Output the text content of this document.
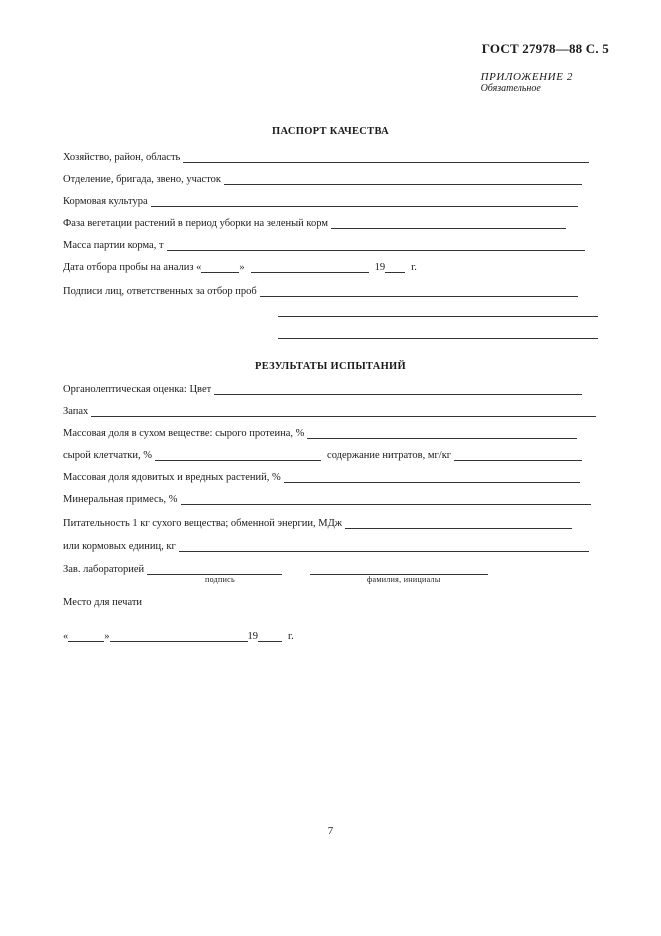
ГОСТ 27978—88 С. 5
ПРИЛОЖЕНИЕ 2
Обязательное
ПАСПОРТ КАЧЕСТВА
Хозяйство, район, область
Отделение, бригада, звено, участок
Кормовая культура
Фаза вегетации растений в период уборки на зеленый корм
Масса партии корма, т
Дата отбора пробы на анализ «	»	19	г.
Подписи лиц, ответственных за отбор проб
РЕЗУЛЬТАТЫ ИСПЫТАНИЙ
Органолептическая оценка: Цвет
Запах
Массовая доля в сухом веществе: сырого протеина, %
сырой клетчатки, %	содержание нитратов, мг/кг
Массовая доля ядовитых и вредных растений, %
Минеральная примесь, %
Питательность 1 кг сухого вещества; обменной энергии, МДж
или кормовых единиц, кг
Зав. лабораторией
подпись	фамилия, инициалы
Место для печати
«	»	19	г.
7
